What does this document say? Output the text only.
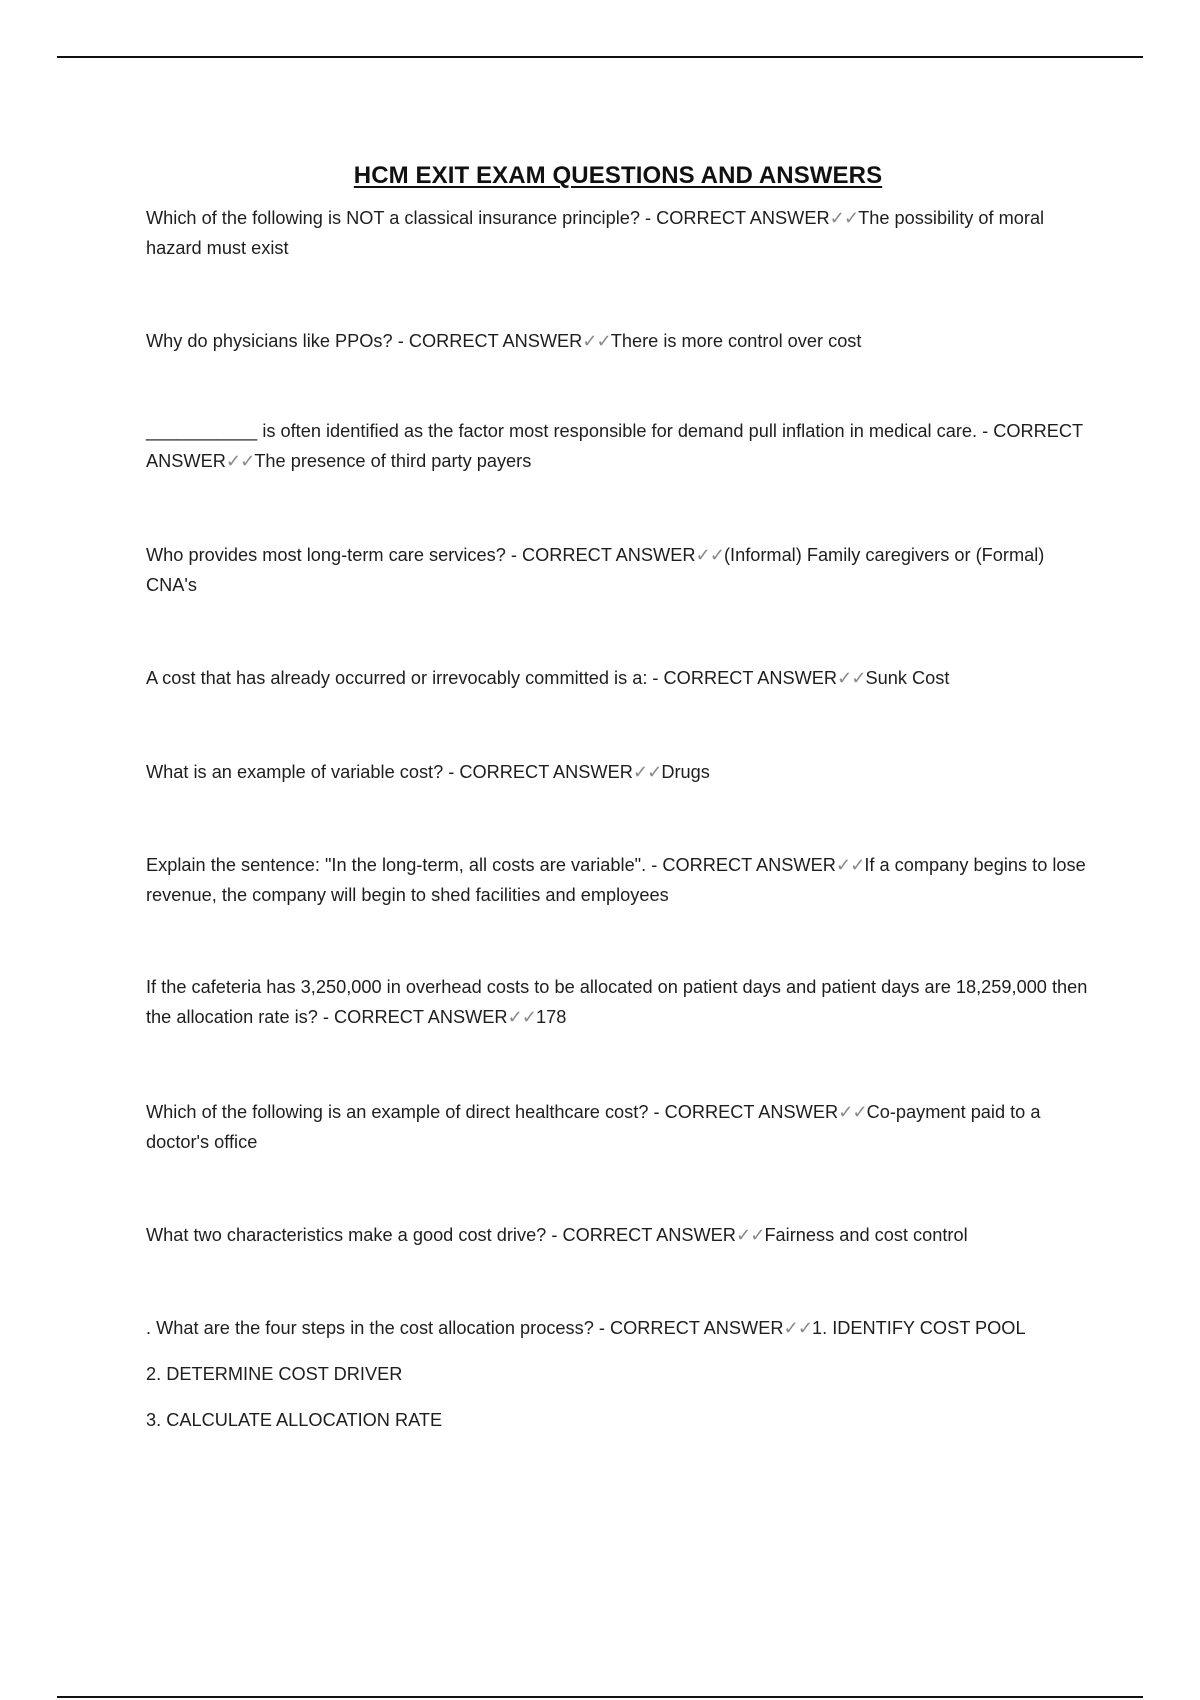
HCM EXIT EXAM QUESTIONS AND ANSWERS

Which of the following is NOT a classical insurance principle? - CORRECT ANSWER✓✓The possibility of moral hazard must exist

Why do physicians like PPOs? - CORRECT ANSWER✓✓There is more control over cost

___________ is often identified as the factor most responsible for demand pull inflation in medical care. - CORRECT ANSWER✓✓The presence of third party payers

Who provides most long-term care services? - CORRECT ANSWER✓✓(Informal) Family caregivers or (Formal) CNA's

A cost that has already occurred or irrevocably committed is a: - CORRECT ANSWER✓✓Sunk Cost

What is an example of variable cost? - CORRECT ANSWER✓✓Drugs

Explain the sentence: "In the long-term, all costs are variable". - CORRECT ANSWER✓✓If a company begins to lose revenue, the company will begin to shed facilities and employees

If the cafeteria has 3,250,000 in overhead costs to be allocated on patient days and patient days are 18,259,000 then the allocation rate is? - CORRECT ANSWER✓✓178

Which of the following is an example of direct healthcare cost? - CORRECT ANSWER✓✓Co-payment paid to a doctor's office

What two characteristics make a good cost drive? - CORRECT ANSWER✓✓Fairness and cost control

. What are the four steps in the cost allocation process? - CORRECT ANSWER✓✓1. IDENTIFY COST POOL

2. DETERMINE COST DRIVER

3. CALCULATE ALLOCATION RATE
